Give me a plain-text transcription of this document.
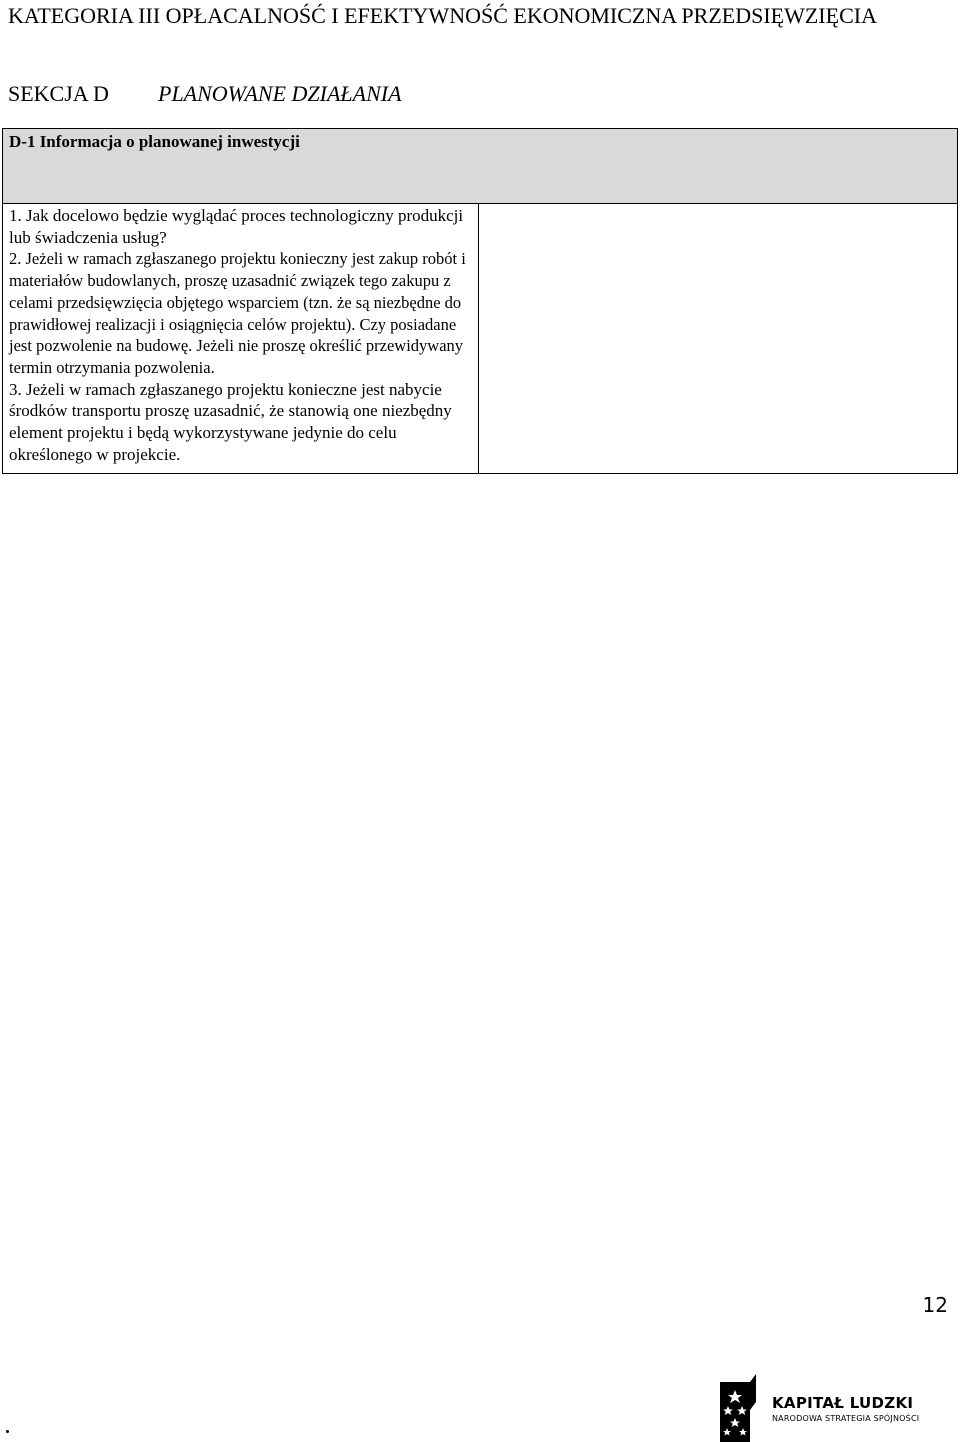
KATEGORIA III OPŁACALNOŚĆ I EFEKTYWNOŚĆ EKONOMICZNA PRZEDSIĘWZIĘCIA
SEKCJA D PLANOWANE DZIAŁANIA
D-1 Informacja o planowanej inwestycji

1. Jak docelowo będzie wyglądać proces technologiczny produkcji lub świadczenia usług?

2. Jeżeli w ramach zgłaszanego projektu konieczny jest zakup robót i materiałów budowlanych, proszę uzasadnić związek tego zakupu z celami przedsięwzięcia objętego wsparciem (tzn. że są niezbędne do prawidłowej realizacji i osiągnięcia celów projektu). Czy posiadane jest pozwolenie na budowę. Jeżeli nie proszę określić przewidywany termin otrzymania pozwolenia.

3. Jeżeli w ramach zgłaszanego projektu konieczne jest nabycie środków transportu proszę uzasadnić, że stanowią one niezbędny element projektu i będą wykorzystywane jedynie do celu określonego w projekcie.

12
KAPITAŁ LUDZKI
NARODOWA STRATEGIA SPÓJNOŚCI
